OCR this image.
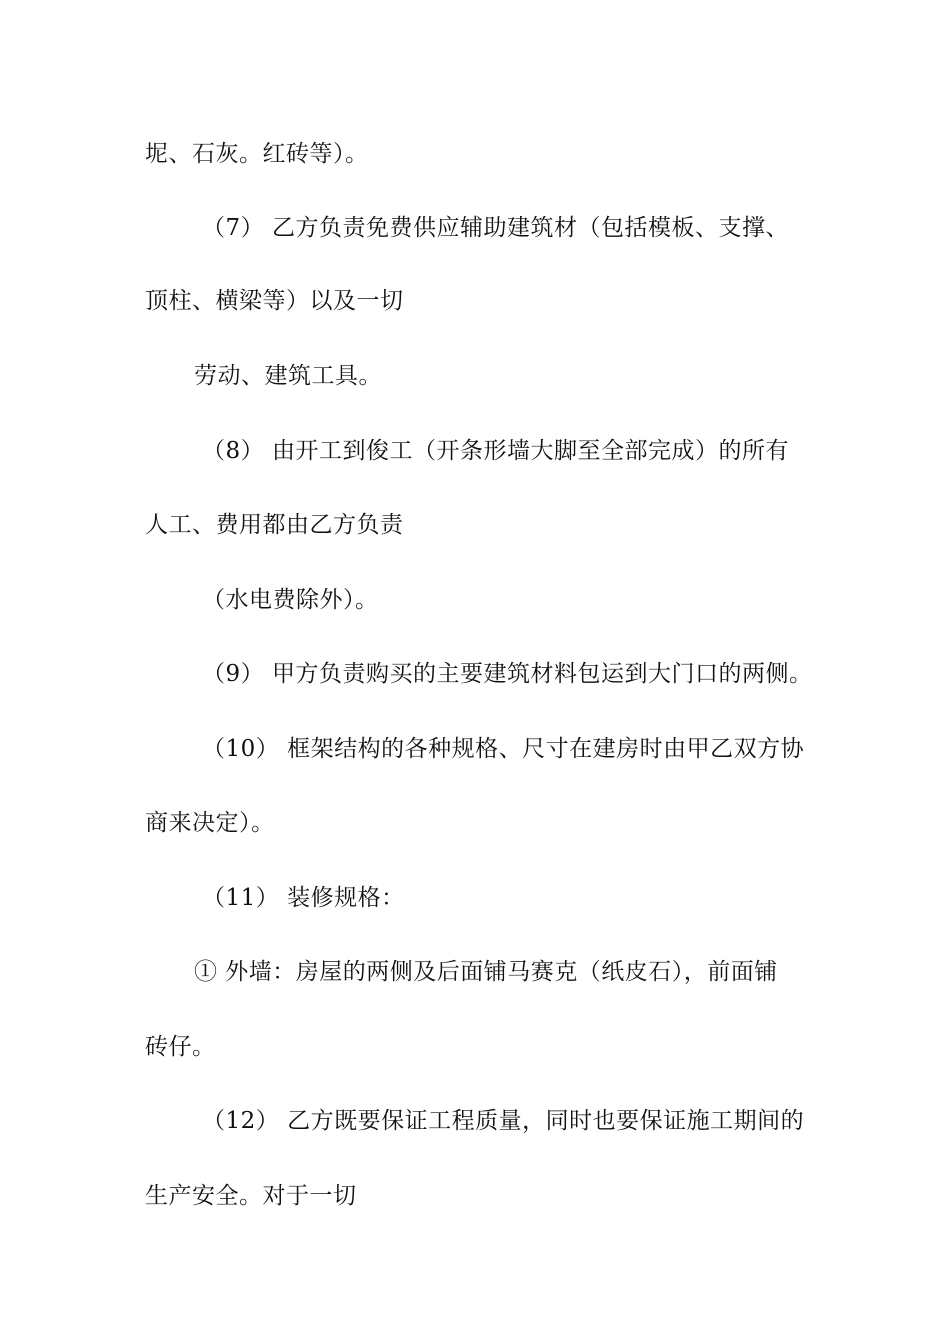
坭、石灰。红砖等）。
（7） 乙方负责免费供应辅助建筑材（包括模板、支撑、
顶柱、横梁等）以及一切
劳动、建筑工具。
（8） 由开工到俊工（开条形墙大脚至全部完成）的所有
人工、费用都由乙方负责
（水电费除外）。
（9） 甲方负责购买的主要建筑材料包运到大门口的两侧。
（10） 框架结构的各种规格、尺寸在建房时由甲乙双方协
商来决定）。
（11） 装修规格：
① 外墙：房屋的两侧及后面铺马赛克（纸皮石），前面铺
砖仔。
（12） 乙方既要保证工程质量，同时也要保证施工期间的
生产安全。对于一切
